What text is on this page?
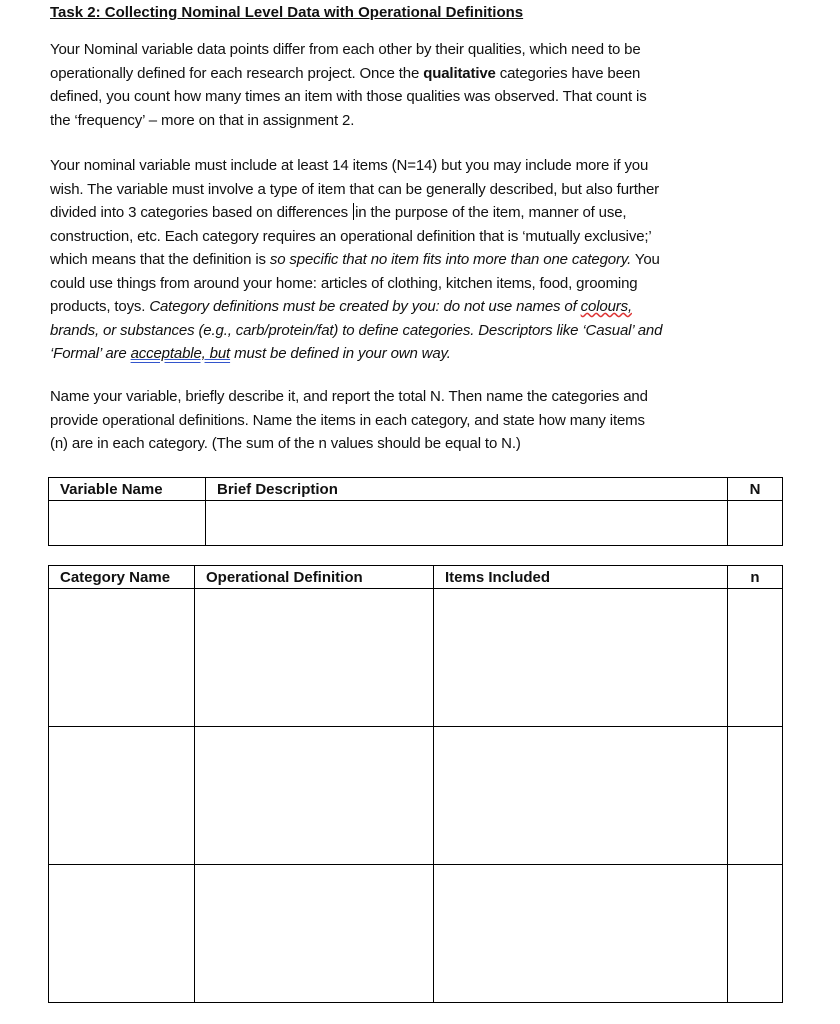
Task 2: Collecting Nominal Level Data with Operational Definitions
Your Nominal variable data points differ from each other by their qualities, which need to be
operationally defined for each research project. Once the qualitative categories have been
defined, you count how many times an item with those qualities was observed. That count is
the ‘frequency’ – more on that in assignment 2.
Your nominal variable must include at least 14 items (N=14) but you may include more if you
wish. The variable must involve a type of item that can be generally described, but also further
divided into 3 categories based on differences in the purpose of the item, manner of use,
construction, etc. Each category requires an operational definition that is ‘mutually exclusive;’
which means that the definition is so specific that no item fits into more than one category. You
could use things from around your home: articles of clothing, kitchen items, food, grooming
products, toys. Category definitions must be created by you: do not use names of colours,
brands, or substances (e.g., carb/protein/fat) to define categories. Descriptors like ‘Casual’ and
‘Formal’ are acceptable, but must be defined in your own way.
Name your variable, briefly describe it, and report the total N. Then name the categories and
provide operational definitions. Name the items in each category, and state how many items
(n) are in each category. (The sum of the n values should be equal to N.)
Variable Name	Brief Description	N

Category Name	Operational Definition	Items Included	n
